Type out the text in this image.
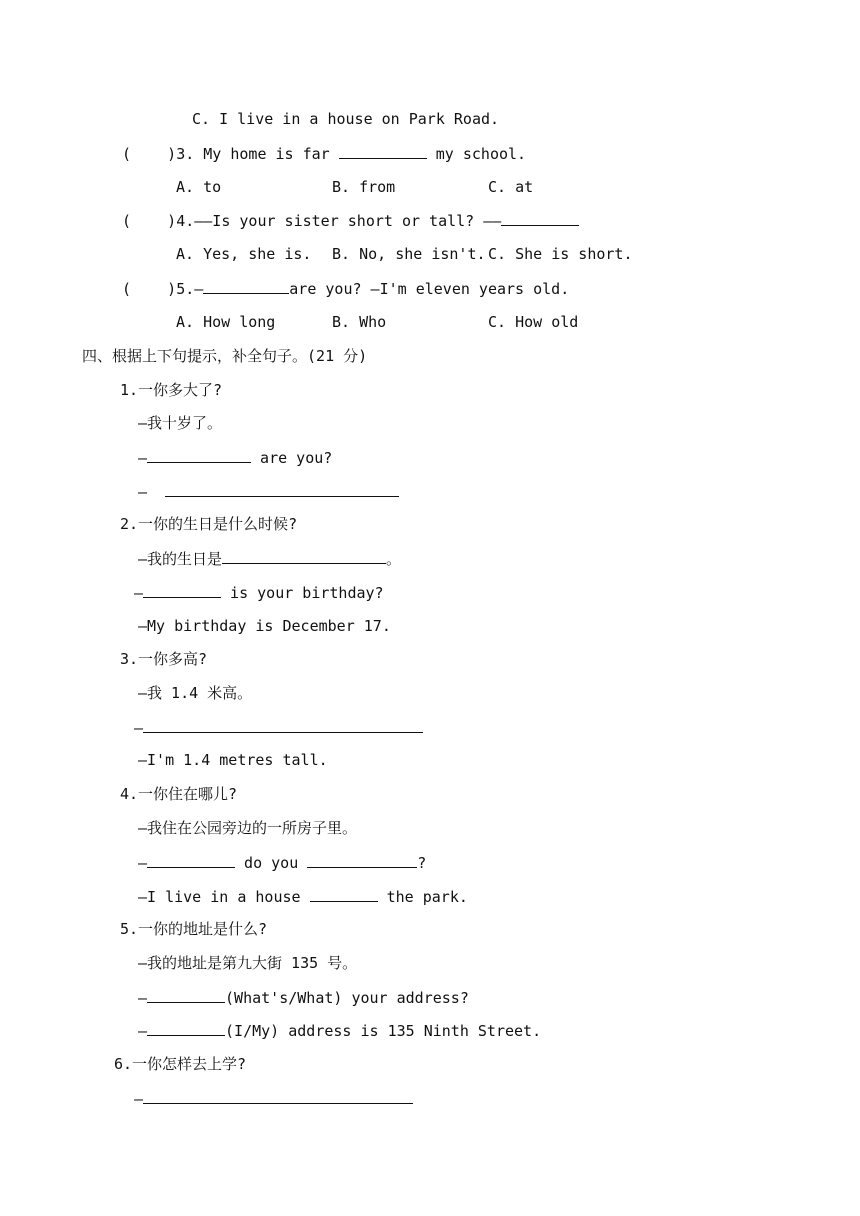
C. I live in a house on Park Road.
(    )3. My home is far	my school.
A. to	B. from	C. at
(    )4.——Is your sister short or tall? ——
A. Yes, she is. B. No, she isn't. C. She is short.
(    )5.—	are you? —I'm eleven years old.
A. How long	B. Who	C. How old
四、根据上下句提示，补全句子。(21 分)
1.一你多大了?
—我十岁了。
—	are you?
—
2.一你的生日是什么时候?
—我的生日是	。
—	is your birthday?
—My birthday is December 17.
3.一你多高?
—我 1.4 米高。
—
—I'm 1.4 metres tall.
4.一你住在哪儿?
—我住在公园旁边的一所房子里。
—	do you	?
—I live in a house	the park.
5.一你的地址是什么?
—我的地址是第九大街 135 号。
—	(What's/What) your address?
—	(I/My) address is 135 Ninth Street.
6.一你怎样去上学?
—
